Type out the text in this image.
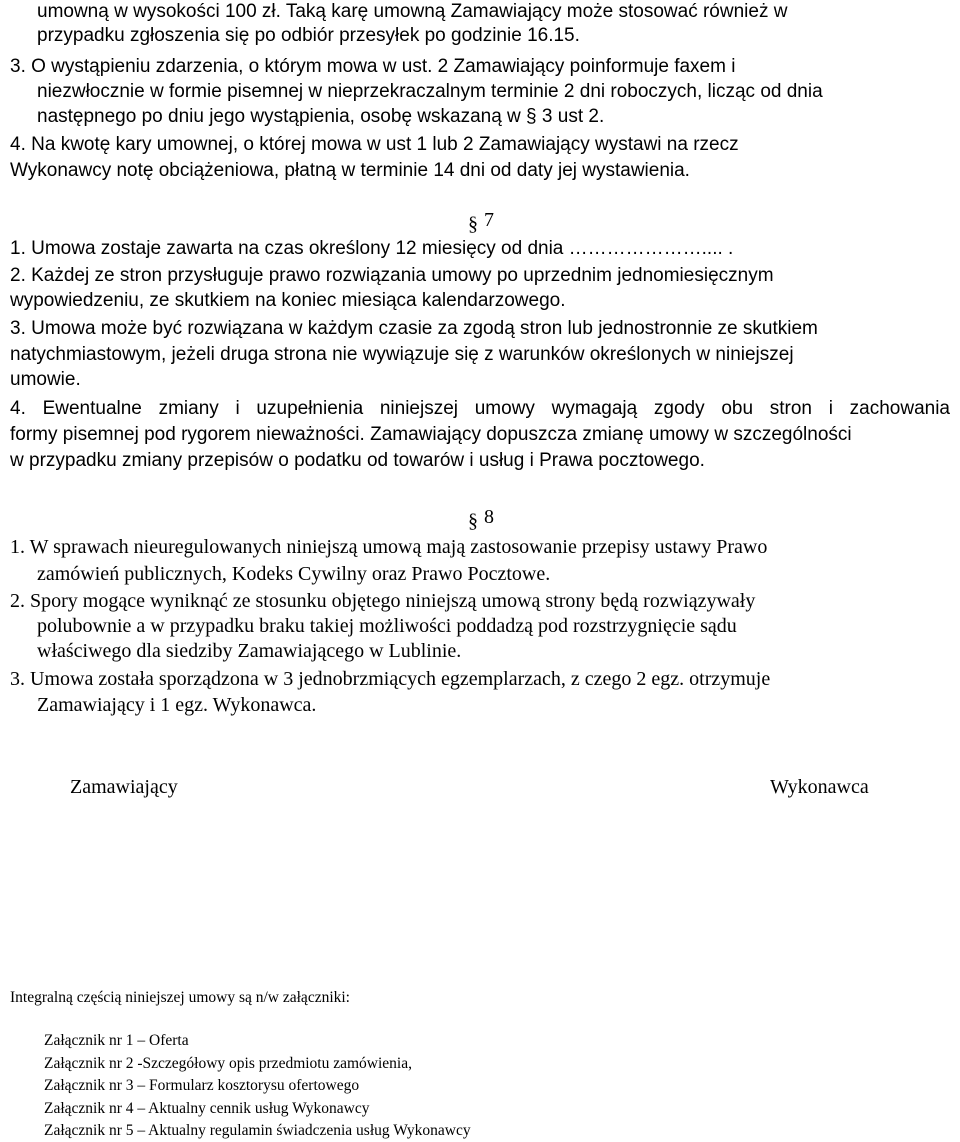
umowną w wysokości 100 zł. Taką karę umowną Zamawiający może stosować również w
przypadku zgłoszenia się po odbiór przesyłek po godzinie 16.15.
3. O wystąpieniu zdarzenia, o którym mowa w ust. 2 Zamawiający poinformuje faxem i
niezwłocznie w formie pisemnej w nieprzekraczalnym terminie 2 dni roboczych, licząc od dnia
następnego po dniu jego wystąpienia, osobę wskazaną w § 3 ust 2.
4. Na kwotę kary umownej, o której mowa w ust 1 lub 2 Zamawiający wystawi na rzecz
Wykonawcy notę obciążeniowa, płatną w terminie 14 dni od daty jej wystawienia.
§ 7
1. Umowa zostaje zawarta na czas określony 12 miesięcy od dnia ………………….... .
2. Każdej ze stron przysługuje prawo rozwiązania umowy po uprzednim jednomiesięcznym
wypowiedzeniu, ze skutkiem na koniec miesiąca kalendarzowego.
3. Umowa może być rozwiązana w każdym czasie za zgodą stron lub jednostronnie ze skutkiem
natychmiastowym, jeżeli druga strona nie wywiązuje się z warunków określonych w niniejszej
umowie.
4. Ewentualne zmiany i uzupełnienia niniejszej umowy wymagają zgody obu stron i zachowania
formy pisemnej pod rygorem nieważności. Zamawiający dopuszcza zmianę umowy w szczególności
w przypadku zmiany przepisów o podatku od towarów i usług i Prawa pocztowego.
§ 8
1. W sprawach nieuregulowanych niniejszą umową mają zastosowanie przepisy ustawy Prawo
zamówień publicznych, Kodeks Cywilny oraz Prawo Pocztowe.
2. Spory mogące wyniknąć ze stosunku objętego niniejszą umową strony będą rozwiązywały
polubownie a w przypadku braku takiej możliwości poddadzą pod rozstrzygnięcie sądu
właściwego dla siedziby Zamawiającego w Lublinie.
3. Umowa została sporządzona w 3 jednobrzmiących egzemplarzach, z czego 2 egz. otrzymuje
Zamawiający i 1 egz. Wykonawca.
Zamawiający	Wykonawca
Integralną częścią niniejszej umowy są n/w załączniki:
Załącznik nr 1 – Oferta
Załącznik nr 2 -Szczegółowy opis przedmiotu zamówienia,
Załącznik nr 3 – Formularz kosztorysu ofertowego
Załącznik nr 4 – Aktualny cennik usług Wykonawcy
Załącznik nr 5 – Aktualny regulamin świadczenia usług Wykonawcy
